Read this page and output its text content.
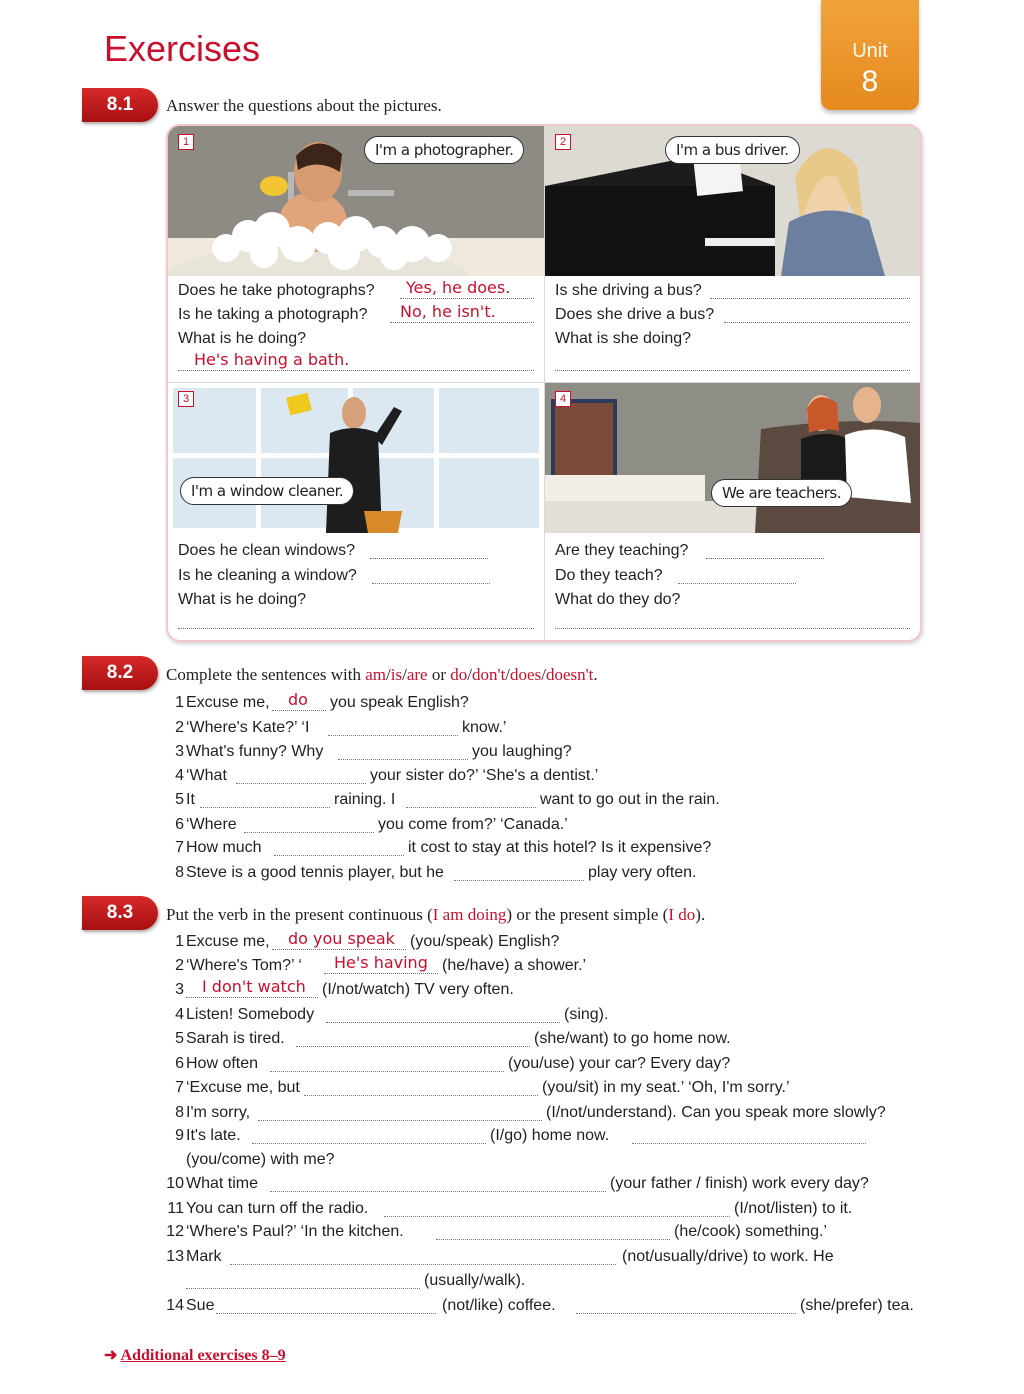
Exercises	Unit
8
8.1	Answer the questions about the pictures.
1	I'm a photographer.
Does he take photographs? Yes, he does.
Is he taking a photograph? No, he isn't.
What is he doing?
He's having a bath.
2	I'm a bus driver.
Is she driving a bus?
Does she drive a bus?
What is she doing?
3
I'm a window cleaner.
Does he clean windows?
Is he cleaning a window?
What is he doing?
4
We are teachers.
Are they teaching?
Do they teach?
What do they do?
8.2	Complete the sentences with am/is/are or do/don't/does/doesn't.
1 Excuse me, do you speak English?
2 ‘Where's Kate?’ ‘I	know.’
3 What's funny? Why	you laughing?
4 ‘What	your sister do?’ ‘She's a dentist.’
5 It	raining. I	want to go out in the rain.
6 ‘Where	you come from?’ ‘Canada.’
7 How much	it cost to stay at this hotel? Is it expensive?
8 Steve is a good tennis player, but he	play very often.
8.3	Put the verb in the present continuous (I am doing) or the present simple (I do).
1 Excuse me, do you speak (you/speak) English?
2 ‘Where's Tom?’ ‘ He's having (he/have) a shower.’
3 I don't watch (I/not/watch) TV very often.
4 Listen! Somebody	(sing).
5 Sarah is tired.	(she/want) to go home now.
6 How often	(you/use) your car? Every day?
7 ‘Excuse me, but	(you/sit) in my seat.’ ‘Oh, I'm sorry.’
8 I'm sorry,	(I/not/understand). Can you speak more slowly?
9 It's late.	(I/go) home now.
(you/come) with me?
10 What time	(your father / finish) work every day?
11 You can turn off the radio.	(I/not/listen) to it.
12 ‘Where's Paul?’ ‘In the kitchen.	(he/cook) something.’
13 Mark	(not/usually/drive) to work. He
(usually/walk).
14 Sue	(not/like) coffee.	(she/prefer) tea.
➜ Additional exercises 8–9
